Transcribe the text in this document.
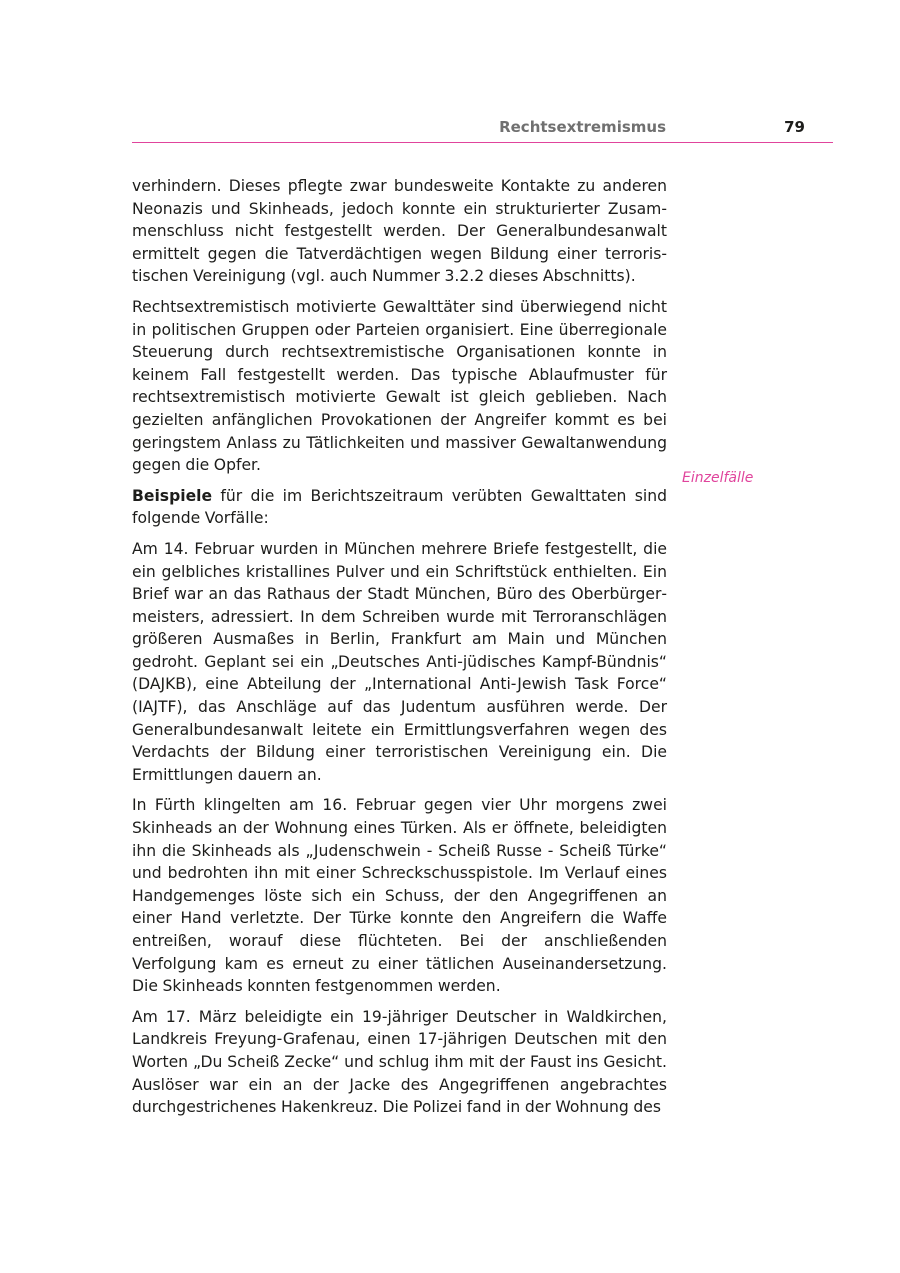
Rechtsextremismus	79

verhindern. Dieses pflegte zwar bundesweite Kontakte zu anderen Neonazis und Skinheads, jedoch konnte ein strukturierter Zusammenschluss nicht festgestellt werden. Der Generalbundesanwalt ermittelt gegen die Tatverdächtigen wegen Bildung einer terroristischen Vereinigung (vgl. auch Nummer 3.2.2 dieses Abschnitts).

Rechtsextremistisch motivierte Gewalttäter sind überwiegend nicht in politischen Gruppen oder Parteien organisiert. Eine überregionale Steuerung durch rechtsextremistische Organisationen konnte in keinem Fall festgestellt werden. Das typische Ablaufmuster für rechtsextremistisch motivierte Gewalt ist gleich geblieben. Nach gezielten anfänglichen Provokationen der Angreifer kommt es bei geringstem Anlass zu Tätlichkeiten und massiver Gewaltanwendung gegen die Opfer.

Beispiele für die im Berichtszeitraum verübten Gewalttaten sind folgende Vorfälle:

Am 14. Februar wurden in München mehrere Briefe festgestellt, die ein gelbliches kristallines Pulver und ein Schriftstück enthielten. Ein Brief war an das Rathaus der Stadt München, Büro des Oberbürgermeisters, adressiert. In dem Schreiben wurde mit Terroranschlägen größeren Ausmaßes in Berlin, Frankfurt am Main und München gedroht. Geplant sei ein „Deutsches Anti-jüdisches Kampf-Bündnis“ (DAJKB), eine Abteilung der „International Anti-Jewish Task Force“ (IAJTF), das Anschläge auf das Judentum ausführen werde. Der Generalbundesanwalt leitete ein Ermittlungsverfahren wegen des Verdachts der Bildung einer terroristischen Vereinigung ein. Die Ermittlungen dauern an.

In Fürth klingelten am 16. Februar gegen vier Uhr morgens zwei Skinheads an der Wohnung eines Türken. Als er öffnete, beleidigten ihn die Skinheads als „Judenschwein - Scheiß Russe - Scheiß Türke“ und bedrohten ihn mit einer Schreckschusspistole. Im Verlauf eines Handgemenges löste sich ein Schuss, der den Angegriffenen an einer Hand verletzte. Der Türke konnte den Angreifern die Waffe entreißen, worauf diese flüchteten. Bei der anschließenden Verfolgung kam es erneut zu einer tätlichen Auseinandersetzung. Die Skinheads konnten festgenommen werden.

Am 17. März beleidigte ein 19-jähriger Deutscher in Waldkirchen, Landkreis Freyung-Grafenau, einen 17-jährigen Deutschen mit den Worten „Du Scheiß Zecke“ und schlug ihm mit der Faust ins Gesicht. Auslöser war ein an der Jacke des Angegriffenen angebrachtes durchgestrichenes Hakenkreuz. Die Polizei fand in der Wohnung des

Einzelfälle
